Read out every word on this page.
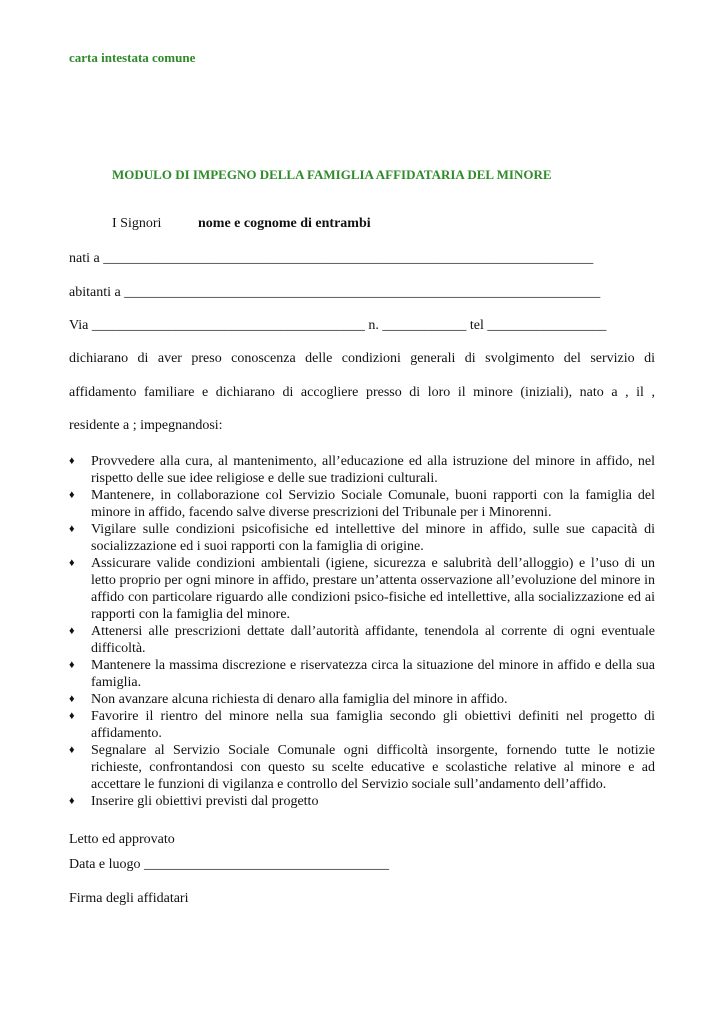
carta intestata comune
MODULO DI IMPEGNO DELLA FAMIGLIA AFFIDATARIA DEL MINORE
I Signori	nome e cognome di entrambi
nati a ______________________________________________________________________
abitanti a ____________________________________________________________________
Via _______________________________________ n. ____________ tel _________________
dichiarano di aver preso conoscenza delle condizioni generali di svolgimento del servizio di
affidamento familiare e dichiarano di accogliere presso di loro il minore (iniziali), nato a , il ,
residente a ; impegnandosi:
♦ Provvedere alla cura, al mantenimento, all’educazione ed alla istruzione del minore in affido, nel rispetto delle sue idee religiose e delle sue tradizioni culturali.
♦ Mantenere, in collaborazione col Servizio Sociale Comunale, buoni rapporti con la famiglia del minore in affido, facendo salve diverse prescrizioni del Tribunale per i Minorenni.
♦ Vigilare sulle condizioni psicofisiche ed intellettive del minore in affido, sulle sue capacità di socializzazione ed i suoi rapporti con la famiglia di origine.
♦ Assicurare valide condizioni ambientali (igiene, sicurezza e salubrità dell’alloggio) e l’uso di un letto proprio per ogni minore in affido, prestare un’attenta osservazione all’evoluzione del minore in affido con particolare riguardo alle condizioni psico-fisiche ed intellettive, alla socializzazione ed ai rapporti con la famiglia del minore.
♦ Attenersi alle prescrizioni dettate dall’autorità affidante, tenendola al corrente di ogni eventuale difficoltà.
♦ Mantenere la massima discrezione e riservatezza circa la situazione del minore in affido e della sua famiglia.
♦ Non avanzare alcuna richiesta di denaro alla famiglia del minore in affido.
♦ Favorire il rientro del minore nella sua famiglia secondo gli obiettivi definiti nel progetto di affidamento.
♦ Segnalare al Servizio Sociale Comunale ogni difficoltà insorgente, fornendo tutte le notizie richieste, confrontandosi con questo su scelte educative e scolastiche relative al minore e ad accettare le funzioni di vigilanza e controllo del Servizio sociale sull’andamento dell’affido.
♦ Inserire gli obiettivi previsti dal progetto
Letto ed approvato
Data e luogo ___________________________________
Firma degli affidatari
